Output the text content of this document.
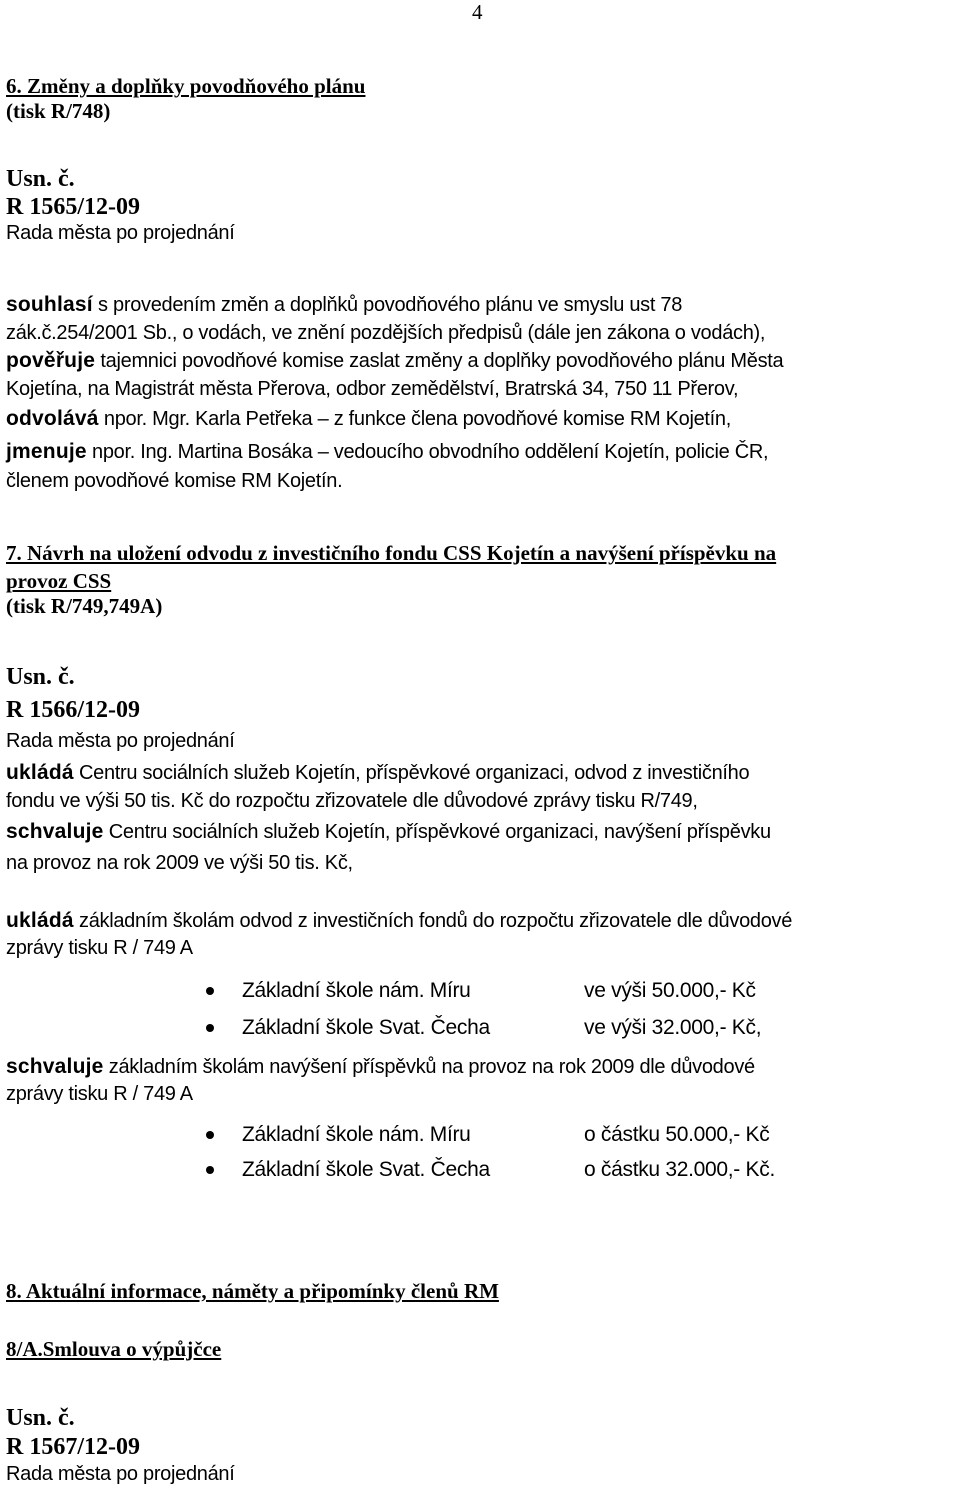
4
6. Změny a doplňky povodňového plánu
(tisk R/748)
Usn. č.
R 1565/12-09
Rada města po projednání
souhlasí s provedením změn a doplňků povodňového plánu ve smyslu ust 78
zák.č.254/2001 Sb., o vodách, ve znění pozdějších předpisů (dále jen zákona o vodách),
pověřuje tajemnici povodňové komise zaslat změny a doplňky povodňového plánu Města
Kojetína, na Magistrát města Přerova, odbor zemědělství, Bratrská 34, 750 11 Přerov,
odvolává npor. Mgr. Karla Petřeka – z funkce člena povodňové komise RM Kojetín,
jmenuje npor. Ing. Martina Bosáka – vedoucího obvodního oddělení Kojetín, policie ČR,
členem povodňové komise RM Kojetín.
7. Návrh na uložení odvodu z investičního fondu CSS Kojetín a navýšení příspěvku na
provoz CSS
(tisk R/749,749A)
Usn. č.
R 1566/12-09
Rada města po projednání
ukládá Centru sociálních služeb Kojetín, příspěvkové organizaci, odvod z investičního
fondu ve výši 50 tis. Kč do rozpočtu zřizovatele dle důvodové zprávy tisku R/749,
schvaluje Centru sociálních služeb Kojetín, příspěvkové organizaci, navýšení příspěvku
na provoz na rok 2009 ve výši 50 tis. Kč,
ukládá základním školám odvod z investičních fondů do rozpočtu zřizovatele dle důvodové
zprávy tisku R / 749 A
Základní škole nám. Míru	ve výši 50.000,- Kč
Základní škole Svat. Čecha	ve výši 32.000,- Kč,
schvaluje základním školám navýšení příspěvků na provoz na rok 2009 dle důvodové
zprávy tisku R / 749 A
Základní škole nám. Míru	o částku 50.000,- Kč
Základní škole Svat. Čecha	o částku 32.000,- Kč.
8. Aktuální informace, náměty a připomínky členů RM
8/A.Smlouva o výpůjčce
Usn. č.
R 1567/12-09
Rada města po projednání
